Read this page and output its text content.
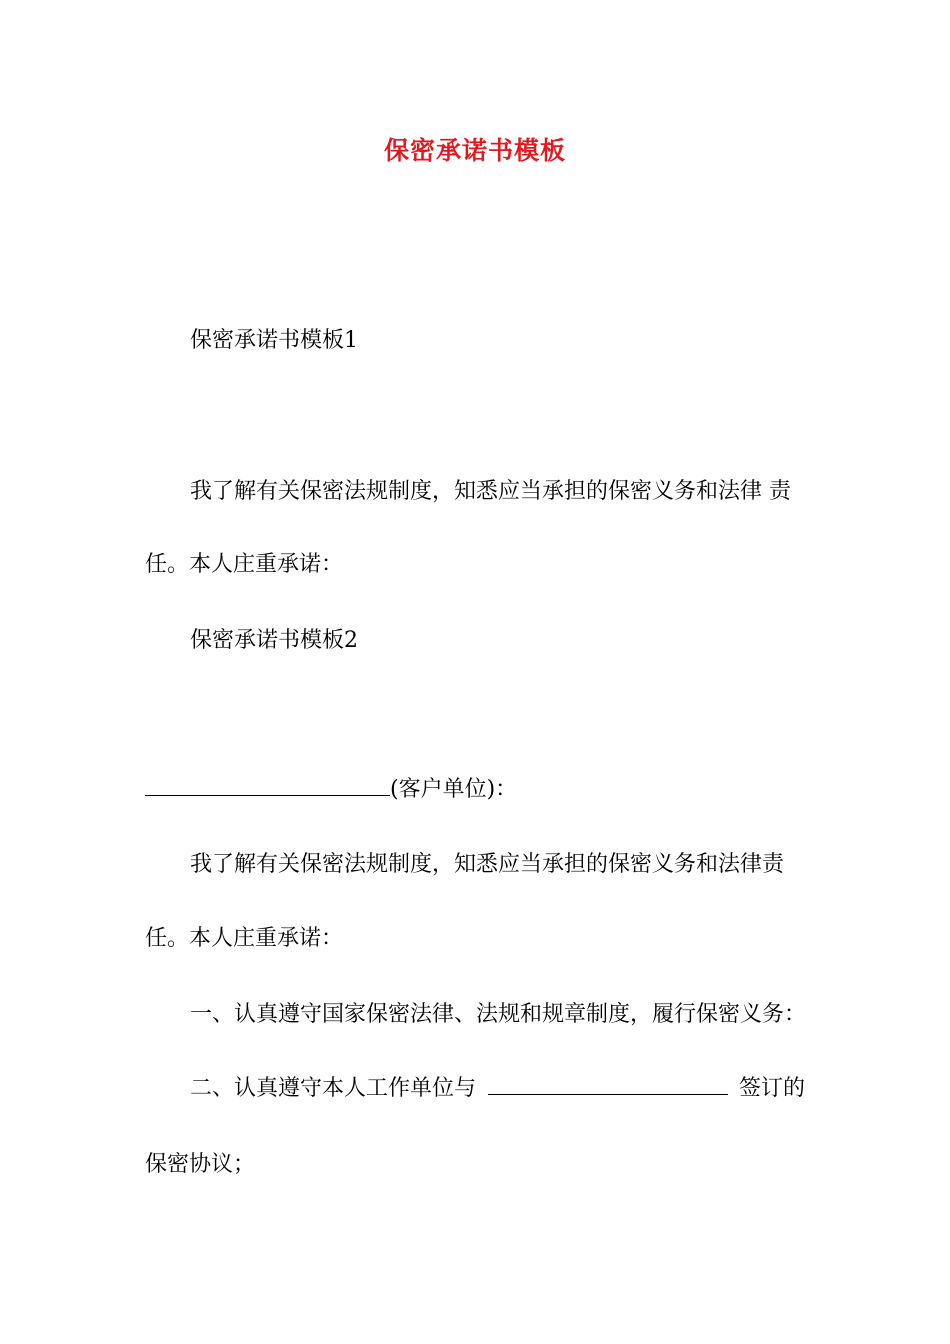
保密承诺书模板
保密承诺书模板1
我了解有关保密法规制度，知悉应当承担的保密义务和法律 责
任。本人庄重承诺：
保密承诺书模板2
(客户单位)：
我了解有关保密法规制度，知悉应当承担的保密义务和法律责
任。本人庄重承诺：
一、认真遵守国家保密法律、法规和规章制度，履行保密义务：
二、认真遵守本人工作单位与	签订的
保密协议；
